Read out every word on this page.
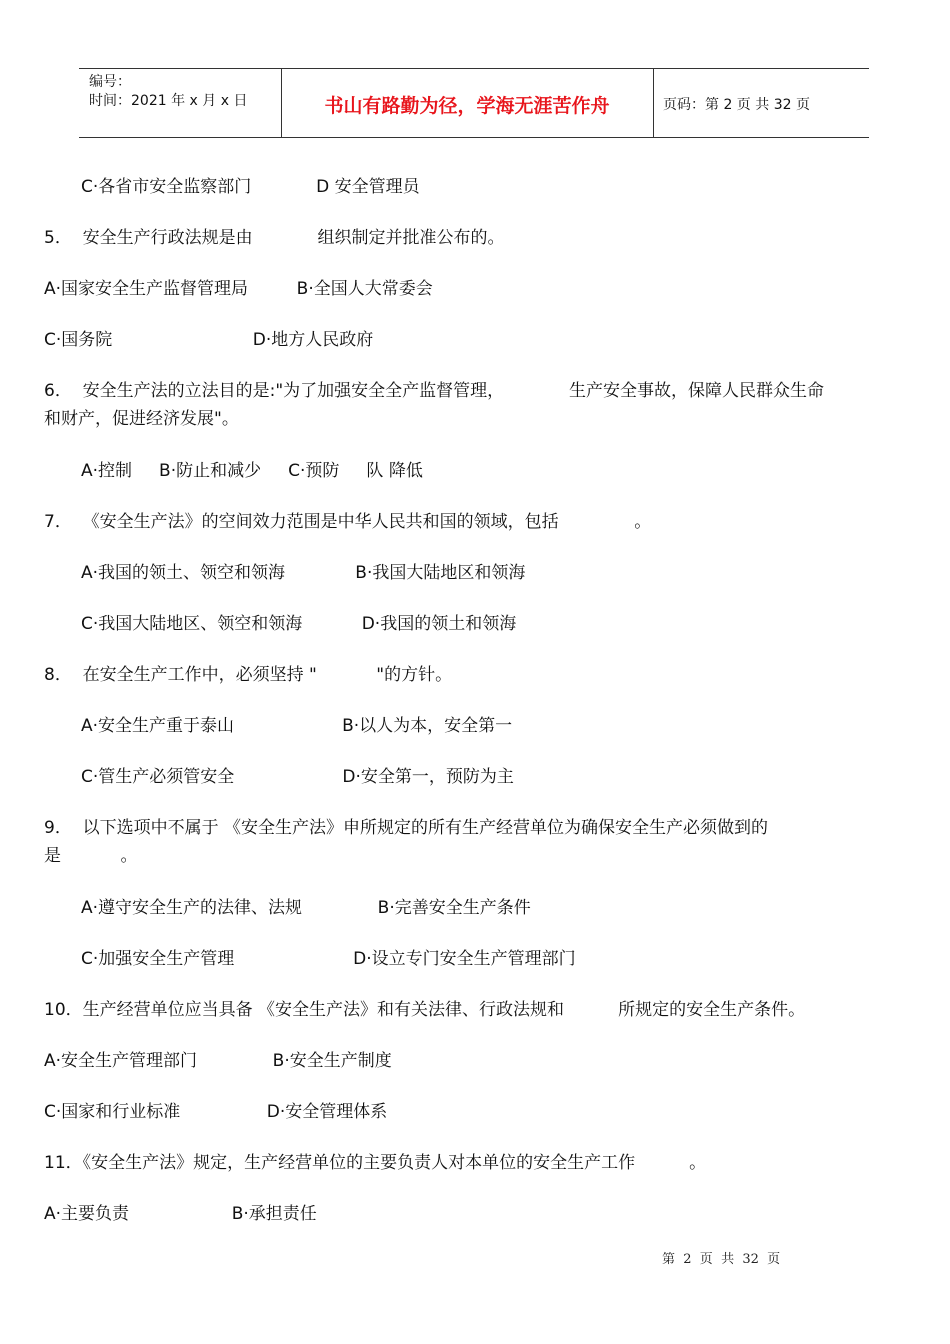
编号：
时间：2021 年 x 月 x 日	书山有路勤为径，学海无涯苦作舟	页码：第 2 页 共 32 页
C·各省市安全监察部门            D 安全管理员
5．  安全生产行政法规是由            组织制定并批准公布的。
A·国家安全生产监督管理局         B·全国人大常委会
C·国务院                          D·地方人民政府
6．  安全生产法的立法目的是:"为了加强安全全产监督管理，            生产安全事故，保障人民群众生命
和财产，促进经济发展"。
A·控制     B·防止和减少     C·预防     队 降低
7．  《安全生产法》的空间效力范围是中华人民共和国的领域，包括              。
A·我国的领土、领空和领海             B·我国大陆地区和领海
C·我国大陆地区、领空和领海           D·我国的领土和领海
8．  在安全生产工作中，必须坚持 "           "的方针。
A·安全生产重于泰山                    B·以人为本，安全第一
C·管生产必须管安全                    D·安全第一，预防为主
9．  以下选项中不属于 《安全生产法》申所规定的所有生产经营单位为确保安全生产必须做到的
是           。
A·遵守安全生产的法律、法规              B·完善安全生产条件
C·加强安全生产管理                      D·设立专门安全生产管理部门
10．生产经营单位应当具备 《安全生产法》和有关法律、行政法规和          所规定的安全生产条件。
A·安全生产管理部门              B·安全生产制度
C·国家和行业标准                D·安全管理体系
11．《安全生产法》规定，生产经营单位的主要负责人对本单位的安全生产工作          。
A·主要负责                   B·承担责任
第  2  页  共  32  页
